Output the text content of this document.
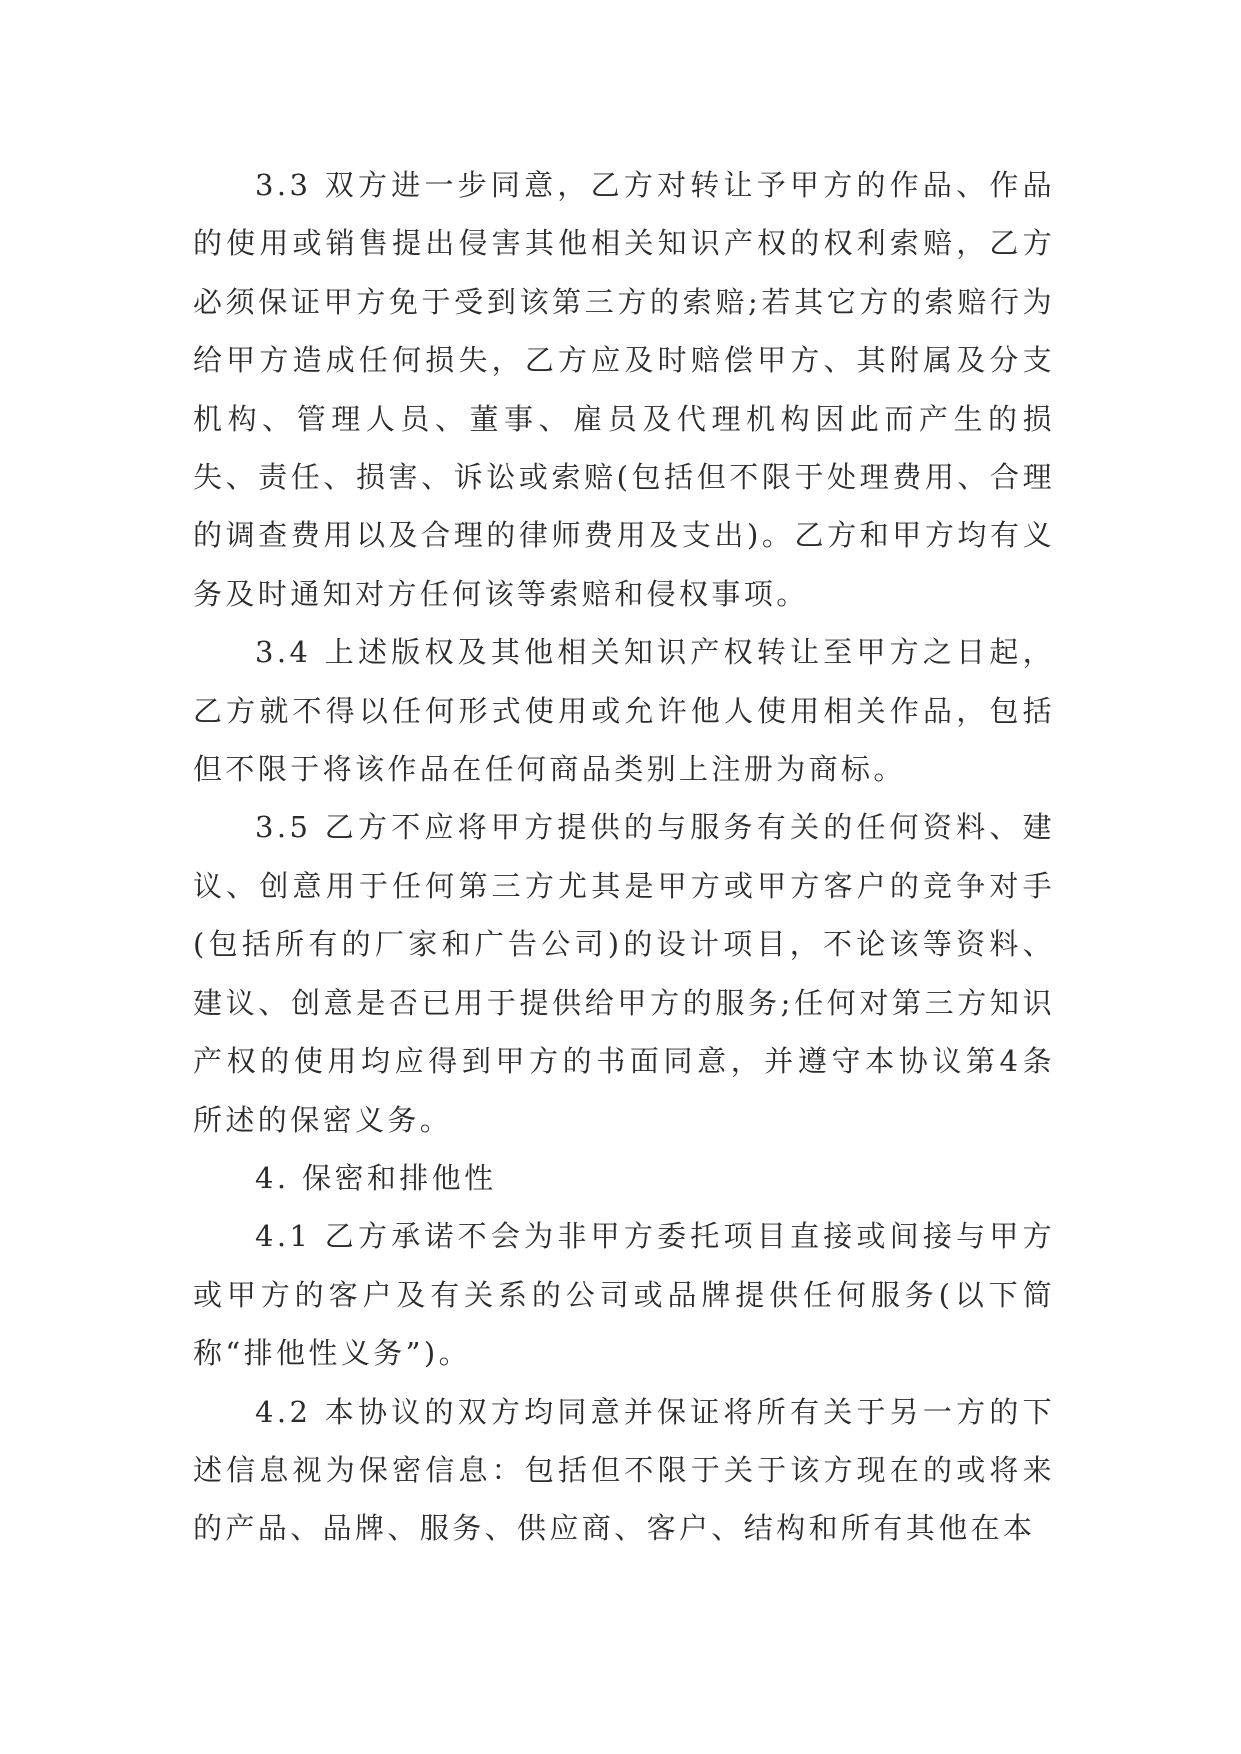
3.3 双方进一步同意，乙方对转让予甲方的作品、作品的使用或销售提出侵害其他相关知识产权的权利索赔，乙方必须保证甲方免于受到该第三方的索赔;若其它方的索赔行为给甲方造成任何损失，乙方应及时赔偿甲方、其附属及分支机构、管理人员、董事、雇员及代理机构因此而产生的损失、责任、损害、诉讼或索赔(包括但不限于处理费用、合理的调查费用以及合理的律师费用及支出)。乙方和甲方均有义务及时通知对方任何该等索赔和侵权事项。

3.4 上述版权及其他相关知识产权转让至甲方之日起，乙方就不得以任何形式使用或允许他人使用相关作品，包括但不限于将该作品在任何商品类别上注册为商标。

3.5 乙方不应将甲方提供的与服务有关的任何资料、建议、创意用于任何第三方尤其是甲方或甲方客户的竞争对手(包括所有的厂家和广告公司)的设计项目，不论该等资料、建议、创意是否已用于提供给甲方的服务;任何对第三方知识产权的使用均应得到甲方的书面同意，并遵守本协议第4条所述的保密义务。

4. 保密和排他性

4.1 乙方承诺不会为非甲方委托项目直接或间接与甲方或甲方的客户及有关系的公司或品牌提供任何服务(以下简称“排他性义务”)。

4.2 本协议的双方均同意并保证将所有关于另一方的下述信息视为保密信息：包括但不限于关于该方现在的或将来的产品、品牌、服务、供应商、客户、结构和所有其他在本
